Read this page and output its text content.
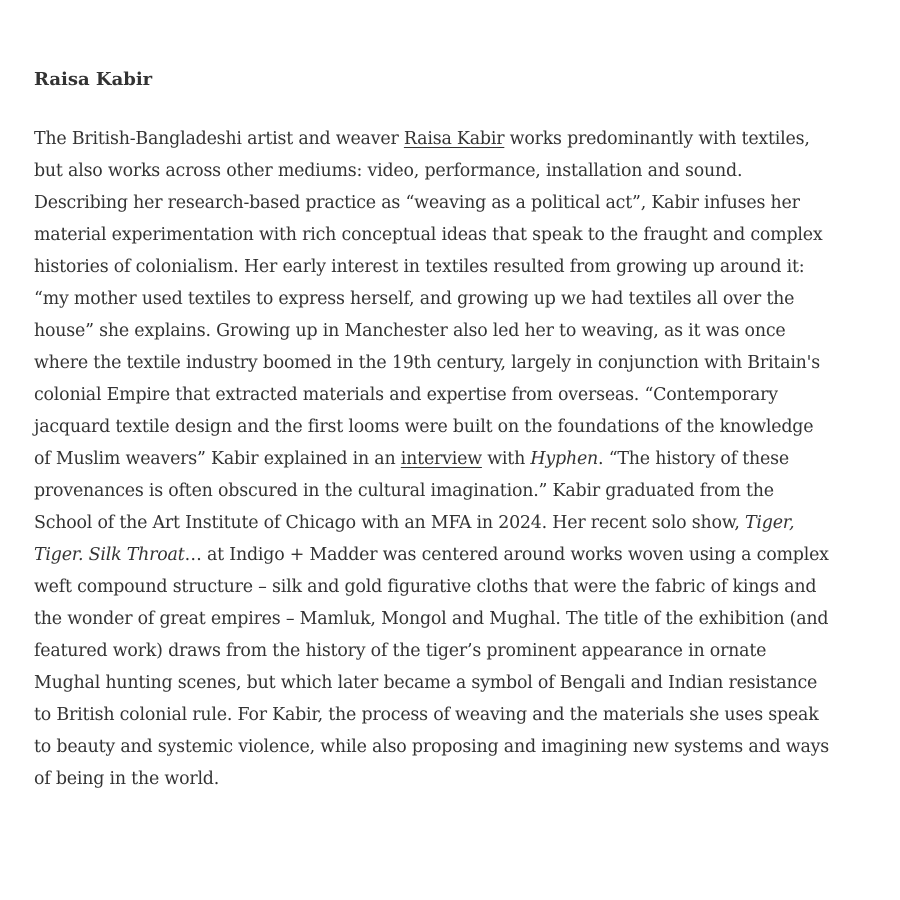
Raisa Kabir

The British-Bangladeshi artist and weaver Raisa Kabir works predominantly with textiles, but also works across other mediums: video, performance, installation and sound. Describing her research-based practice as “weaving as a political act”, Kabir infuses her material experimentation with rich conceptual ideas that speak to the fraught and complex histories of colonialism. Her early interest in textiles resulted from growing up around it: “my mother used textiles to express herself, and growing up we had textiles all over the house” she explains. Growing up in Manchester also led her to weaving, as it was once where the textile industry boomed in the 19th century, largely in conjunction with Britain's colonial Empire that extracted materials and expertise from overseas. “Contemporary jacquard textile design and the first looms were built on the foundations of the knowledge of Muslim weavers” Kabir explained in an interview with Hyphen. “The history of these provenances is often obscured in the cultural imagination.” Kabir graduated from the School of the Art Institute of Chicago with an MFA in 2024. Her recent solo show, Tiger, Tiger. Silk Throat… at Indigo + Madder was centered around works woven using a complex weft compound structure – silk and gold figurative cloths that were the fabric of kings and the wonder of great empires – Mamluk, Mongol and Mughal. The title of the exhibition (and featured work) draws from the history of the tiger’s prominent appearance in ornate Mughal hunting scenes, but which later became a symbol of Bengali and Indian resistance to British colonial rule. For Kabir, the process of weaving and the materials she uses speak to beauty and systemic violence, while also proposing and imagining new systems and ways of being in the world.
